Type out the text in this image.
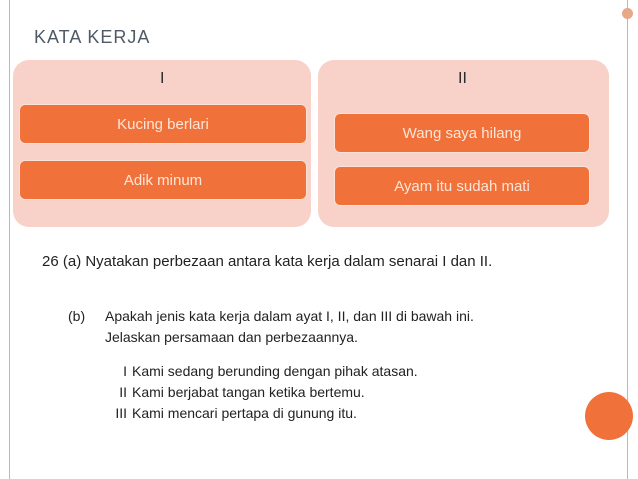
KATA KERJA
I	II
Kucing berlari
Adik minum
Wang saya hilang
Ayam itu sudah mati
26 (a) Nyatakan perbezaan antara kata kerja dalam senarai I dan II.
(b)	Apakah jenis kata kerja dalam ayat I, II, dan III di bawah ini.
Jelaskan persamaan dan perbezaannya.
I Kami sedang berunding dengan pihak atasan.
II Kami berjabat tangan ketika bertemu.
III Kami mencari pertapa di gunung itu.
